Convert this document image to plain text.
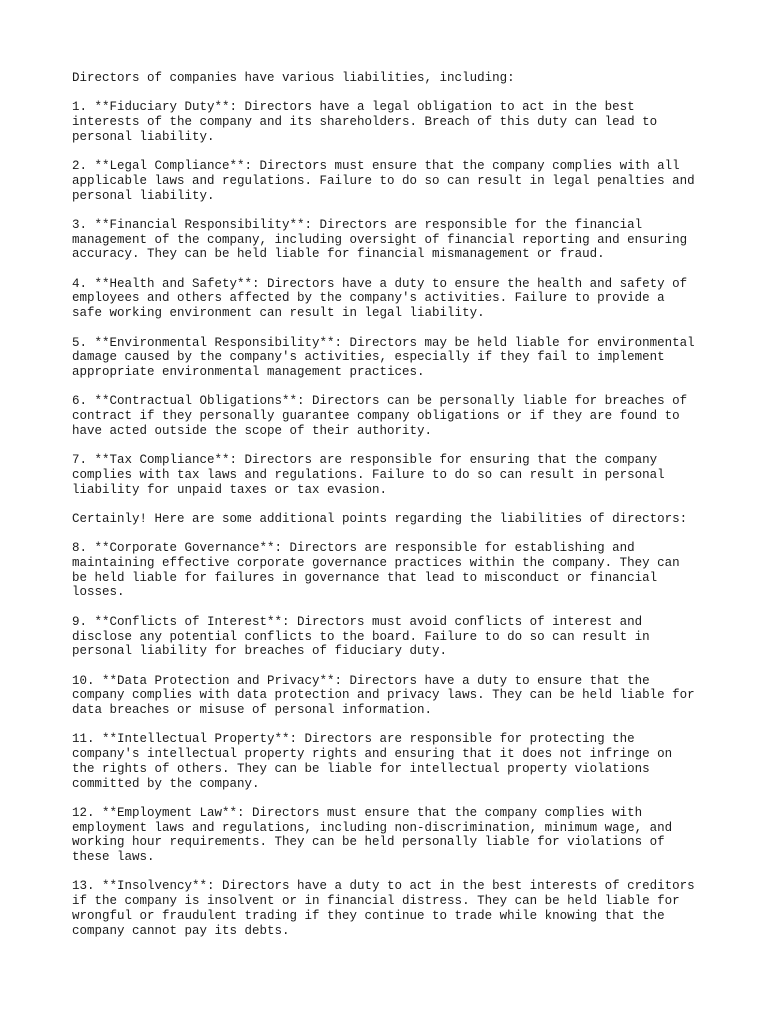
Directors of companies have various liabilities, including:

1. **Fiduciary Duty**: Directors have a legal obligation to act in the best
interests of the company and its shareholders. Breach of this duty can lead to
personal liability.

2. **Legal Compliance**: Directors must ensure that the company complies with all
applicable laws and regulations. Failure to do so can result in legal penalties and
personal liability.

3. **Financial Responsibility**: Directors are responsible for the financial
management of the company, including oversight of financial reporting and ensuring
accuracy. They can be held liable for financial mismanagement or fraud.

4. **Health and Safety**: Directors have a duty to ensure the health and safety of
employees and others affected by the company's activities. Failure to provide a
safe working environment can result in legal liability.

5. **Environmental Responsibility**: Directors may be held liable for environmental
damage caused by the company's activities, especially if they fail to implement
appropriate environmental management practices.

6. **Contractual Obligations**: Directors can be personally liable for breaches of
contract if they personally guarantee company obligations or if they are found to
have acted outside the scope of their authority.

7. **Tax Compliance**: Directors are responsible for ensuring that the company
complies with tax laws and regulations. Failure to do so can result in personal
liability for unpaid taxes or tax evasion.

Certainly! Here are some additional points regarding the liabilities of directors:

8. **Corporate Governance**: Directors are responsible for establishing and
maintaining effective corporate governance practices within the company. They can
be held liable for failures in governance that lead to misconduct or financial
losses.

9. **Conflicts of Interest**: Directors must avoid conflicts of interest and
disclose any potential conflicts to the board. Failure to do so can result in
personal liability for breaches of fiduciary duty.

10. **Data Protection and Privacy**: Directors have a duty to ensure that the
company complies with data protection and privacy laws. They can be held liable for
data breaches or misuse of personal information.

11. **Intellectual Property**: Directors are responsible for protecting the
company's intellectual property rights and ensuring that it does not infringe on
the rights of others. They can be liable for intellectual property violations
committed by the company.

12. **Employment Law**: Directors must ensure that the company complies with
employment laws and regulations, including non-discrimination, minimum wage, and
working hour requirements. They can be held personally liable for violations of
these laws.

13. **Insolvency**: Directors have a duty to act in the best interests of creditors
if the company is insolvent or in financial distress. They can be held liable for
wrongful or fraudulent trading if they continue to trade while knowing that the
company cannot pay its debts.
